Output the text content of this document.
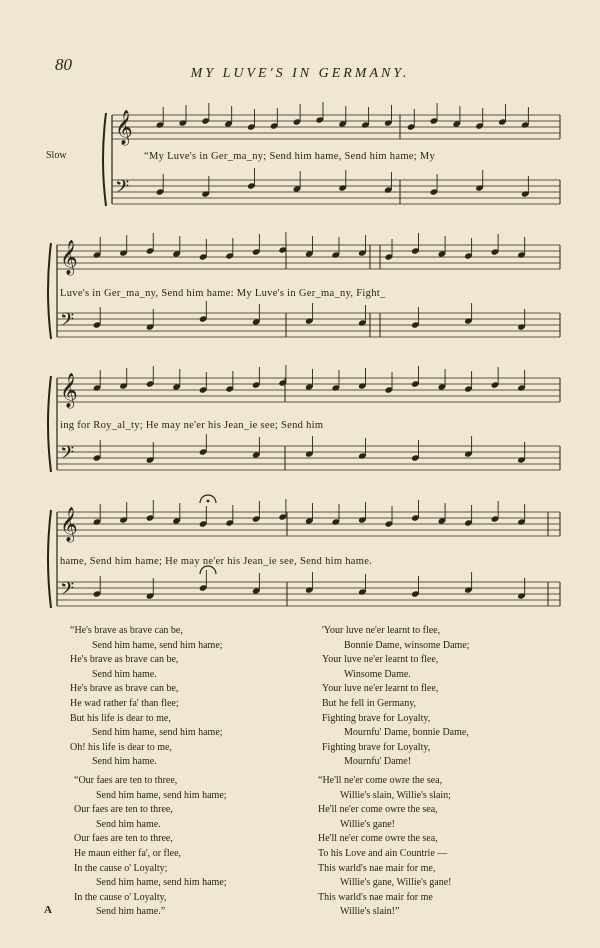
80	MY LUVE'S IN GERMANY.
Slow
𝄞
𝄢
𝄞
𝄢
𝄞
𝄢
𝄞
𝄢
“My Luve's in Ger_ma_ny; Send him hame, Send him hame; My
Luve's in Ger_ma_ny, Send him hame: My Luve's in Ger_ma_ny, Fight_
ing for Roy_al_ty; He may ne'er his Jean_ie see; Send him
hame, Send him hame; He may ne'er his Jean_ie see, Send him hame.
“He's brave as brave can be,
Send him hame, send him hame;
He's brave as brave can be,
Send him hame.
He's brave as brave can be,
He wad rather fa' than flee;
But his life is dear to me,
Send him hame, send him hame;
Oh! his life is dear to me,
Send him hame.
“Our faes are ten to three,
Send him hame, send him hame;
Our faes are ten to three,
Send him hame.
Our faes are ten to three,
He maun either fa', or flee,
In the cause o' Loyalty;
Send him hame, send him hame;
In the cause o' Loyalty,
Send him hame.”
'Your luve ne'er learnt to flee,
Bonnie Dame, winsome Dame;
Your luve ne'er learnt to flee,
Winsome Dame.
Your luve ne'er learnt to flee,
But he fell in Germany,
Fighting brave for Loyalty,
Mournfu' Dame, bonnie Dame,
Fighting brave for Loyalty,
Mournfu' Dame!
“He'll ne'er come owre the sea,
Willie's slain, Willie's slain;
He'll ne'er come owre the sea,
Willie's gane!
He'll ne'er come owre the sea,
To his Love and ain Countrie —
This warld's nae mair for me,
Willie's gane, Willie's gane!
This warld's nae mair for me
Willie's slain!”
A
